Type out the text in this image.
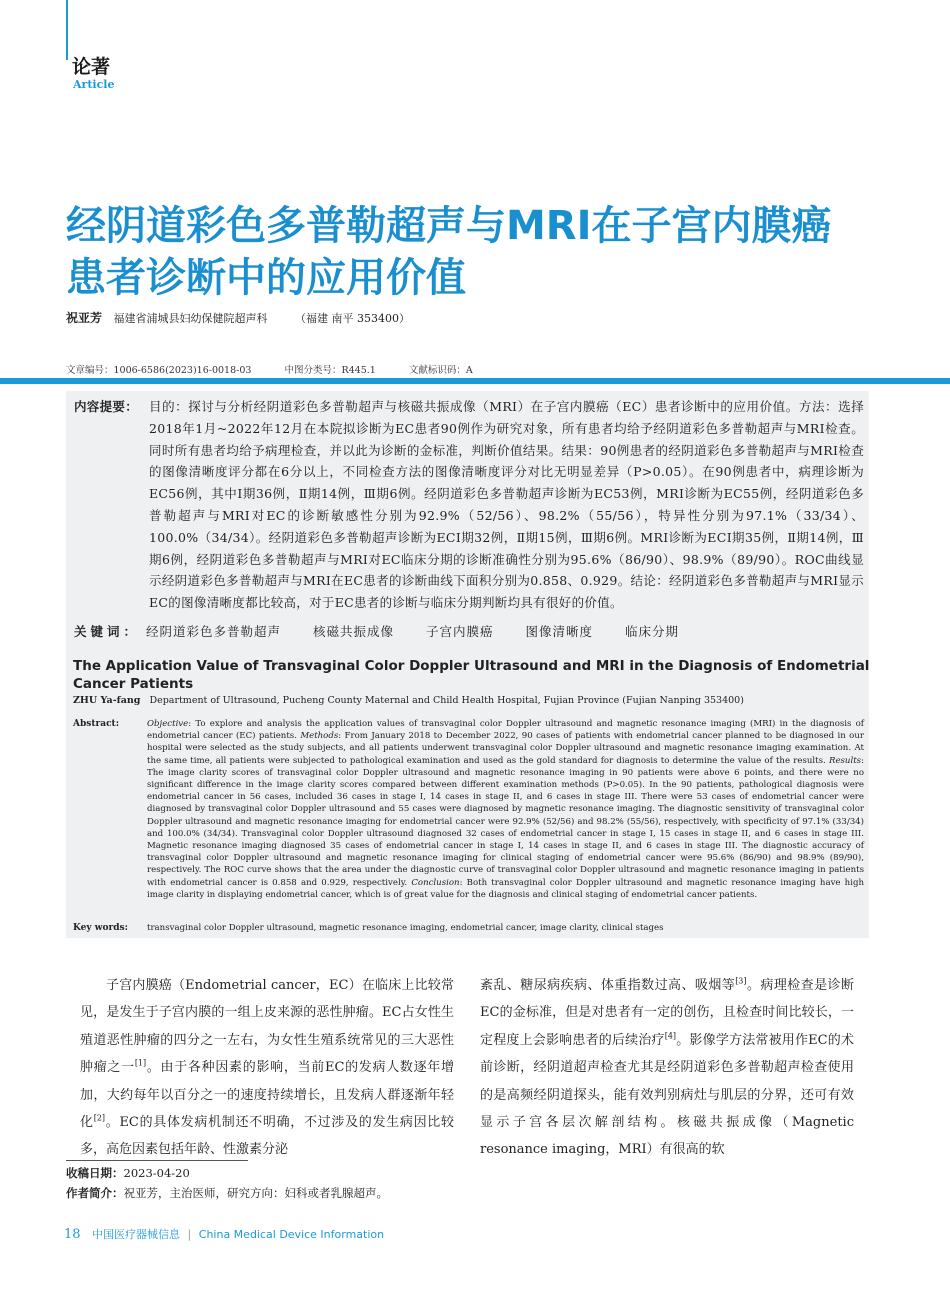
论著
Article
经阴道彩色多普勒超声与MRI在子宫内膜癌患者诊断中的应用价值
祝亚芳 福建省浦城县妇幼保健院超声科	（福建 南平 353400）
文章编号：1006-6586(2023)16-0018-03	中图分类号：R445.1	文献标识码：A
内容提要： 目的：探讨与分析经阴道彩色多普勒超声与核磁共振成像（MRI）在子宫内膜癌（EC）患者诊断中的应用价值。方法：选择2018年1月~2022年12月在本院拟诊断为EC患者90例作为研究对象，所有患者均给予经阴道彩色多普勒超声与MRI检查。同时所有患者均给予病理检查，并以此为诊断的金标准，判断价值结果。结果：90例患者的经阴道彩色多普勒超声与MRI检查的图像清晰度评分都在6分以上，不同检查方法的图像清晰度评分对比无明显差异（P>0.05）。在90例患者中，病理诊断为EC56例，其中Ⅰ期36例，Ⅱ期14例，Ⅲ期6例。经阴道彩色多普勒超声诊断为EC53例，MRI诊断为EC55例，经阴道彩色多普勒超声与MRI对EC的诊断敏感性分别为92.9%（52/56）、98.2%（55/56），特异性分别为97.1%（33/34）、100.0%（34/34）。经阴道彩色多普勒超声诊断为ECⅠ期32例，Ⅱ期15例，Ⅲ期6例。MRI诊断为ECⅠ期35例，Ⅱ期14例，Ⅲ期6例，经阴道彩色多普勒超声与MRI对EC临床分期的诊断准确性分别为95.6%（86/90）、98.9%（89/90）。ROC曲线显示经阴道彩色多普勒超声与MRI在EC患者的诊断曲线下面积分别为0.858、0.929。结论：经阴道彩色多普勒超声与MRI显示EC的图像清晰度都比较高，对于EC患者的诊断与临床分期判断均具有很好的价值。
关键词： 经阴道彩色多普勒超声	核磁共振成像	子宫内膜癌	图像清晰度	临床分期
The Application Value of Transvaginal Color Doppler Ultrasound and MRI in the Diagnosis of Endometrial Cancer Patients
ZHU Ya-fang Department of Ultrasound, Pucheng County Maternal and Child Health Hospital, Fujian Province (Fujian Nanping 353400)
Abstract:	Objective: To explore and analysis the application values of transvaginal color Doppler ultrasound and magnetic resonance imaging (MRI) in the diagnosis of endometrial cancer (EC) patients. Methods: From January 2018 to December 2022, 90 cases of patients with endometrial cancer planned to be diagnosed in our hospital were selected as the study subjects, and all patients underwent transvaginal color Doppler ultrasound and magnetic resonance imaging examination. At the same time, all patients were subjected to pathological examination and used as the gold standard for diagnosis to determine the value of the results. Results: The image clarity scores of transvaginal color Doppler ultrasound and magnetic resonance imaging in 90 patients were above 6 points, and there were no significant difference in the image clarity scores compared between different examination methods (P>0.05). In the 90 patients, pathological diagnosis were endometrial cancer in 56 cases, included 36 cases in stage I, 14 cases in stage II, and 6 cases in stage III. There were 53 cases of endometrial cancer were diagnosed by transvaginal color Doppler ultrasound and 55 cases were diagnosed by magnetic resonance imaging. The diagnostic sensitivity of transvaginal color Doppler ultrasound and magnetic resonance imaging for endometrial cancer were 92.9% (52/56) and 98.2% (55/56), respectively, with specificity of 97.1% (33/34) and 100.0% (34/34). Transvaginal color Doppler ultrasound diagnosed 32 cases of endometrial cancer in stage I, 15 cases in stage II, and 6 cases in stage III. Magnetic resonance imaging diagnosed 35 cases of endometrial cancer in stage I, 14 cases in stage II, and 6 cases in stage III. The diagnostic accuracy of transvaginal color Doppler ultrasound and magnetic resonance imaging for clinical staging of endometrial cancer were 95.6% (86/90) and 98.9% (89/90), respectively. The ROC curve shows that the area under the diagnostic curve of transvaginal color Doppler ultrasound and magnetic resonance imaging in patients with endometrial cancer is 0.858 and 0.929, respectively. Conclusion: Both transvaginal color Doppler ultrasound and magnetic resonance imaging have high image clarity in displaying endometrial cancer, which is of great value for the diagnosis and clinical staging of endometrial cancer patients.
Key words: transvaginal color Doppler ultrasound, magnetic resonance imaging, endometrial cancer, image clarity, clinical stages

子宫内膜癌（Endometrial cancer，EC）在临床上比较常见，是发生于子宫内膜的一组上皮来源的恶性肿瘤。EC占女性生殖道恶性肿瘤的四分之一左右，为女性生殖系统常见的三大恶性肿瘤之一[1]。由于各种因素的影响，当前EC的发病人数逐年增加，大约每年以百分之一的速度持续增长，且发病人群逐渐年轻化[2]。EC的具体发病机制还不明确，不过涉及的发生病因比较多，高危因素包括年龄、性激素分泌

紊乱、糖尿病疾病、体重指数过高、吸烟等[3]。病理检查是诊断EC的金标准，但是对患者有一定的创伤，且检查时间比较长，一定程度上会影响患者的后续治疗[4]。影像学方法常被用作EC的术前诊断，经阴道超声检查尤其是经阴道彩色多普勒超声检查使用的是高频经阴道探头，能有效判别病灶与肌层的分界，还可有效显示子宫各层次解剖结构。核磁共振成像（Magnetic resonance imaging，MRI）有很高的软

收稿日期：2023-04-20
作者简介：祝亚芳，主治医师，研究方向：妇科或者乳腺超声。
18 中国医疗器械信息 | China Medical Device Information
